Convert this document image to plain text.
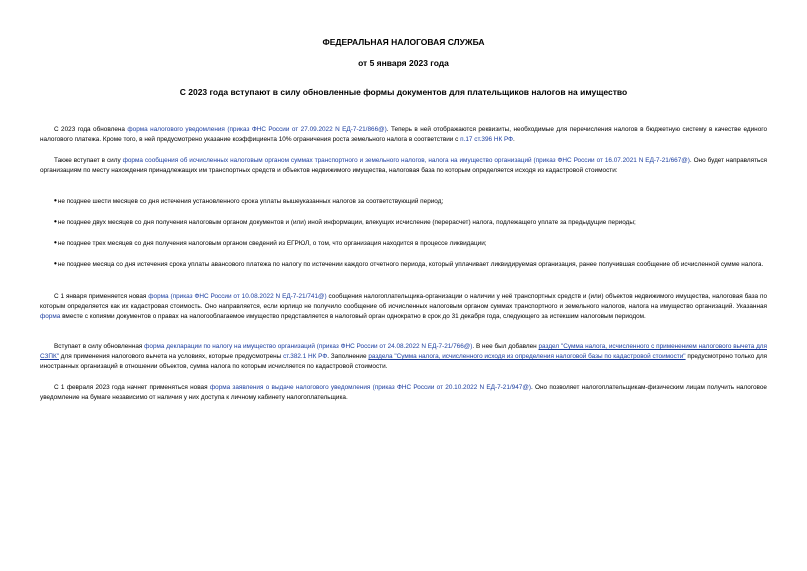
ФЕДЕРАЛЬНАЯ НАЛОГОВАЯ СЛУЖБА
от 5 января 2023 года
С 2023 года вступают в силу обновленные формы документов для плательщиков налогов на имущество
С 2023 года обновлена форма налогового уведомления (приказ ФНС России от 27.09.2022 N ЕД-7-21/866@). Теперь в ней отображаются реквизиты, необходимые для перечисления налогов в бюджетную систему в качестве единого налогового платежа. Кроме того, в ней предусмотрено указание коэффициента 10% ограничения роста земельного налога в соответствии с п.17 ст.396 НК РФ.
Также вступает в силу форма сообщения об исчисленных налоговым органом суммах транспортного и земельного налогов, налога на имущество организаций (приказ ФНС России от 16.07.2021 N ЕД-7-21/667@). Оно будет направляться организациям по месту нахождения принадлежащих им транспортных средств и объектов недвижимого имущества, налоговая база по которым определяется исходя из кадастровой стоимости:
•не позднее шести месяцев со дня истечения установленного срока уплаты вышеуказанных налогов за соответствующий период;
•не позднее двух месяцев со дня получения налоговым органом документов и (или) иной информации, влекущих исчисление (перерасчет) налога, подлежащего уплате за предыдущие периоды;
•не позднее трех месяцев со дня получения налоговым органом сведений из ЕГРЮЛ, о том, что организация находится в процессе ликвидации;
•не позднее месяца со дня истечения срока уплаты авансового платежа по налогу по истечении каждого отчетного периода, который уплачивает ликвидируемая организация, ранее получившая сообщение об исчисленной сумме налога.
С 1 января применяется новая форма (приказ ФНС России от 10.08.2022 N ЕД-7-21/741@) сообщения налогоплательщика-организации о наличии у неё транспортных средств и (или) объектов недвижимого имущества, налоговая база по которым определяется как их кадастровая стоимость. Оно направляется, если юрлицо не получило сообщение об исчисленных налоговым органом суммах транспортного и земельного налогов, налога на имущество организаций. Указанная форма вместе с копиями документов о правах на налогооблагаемое имущество представляется в налоговый орган однократно в срок до 31 декабря года, следующего за истекшим налоговым периодом.
Вступает в силу обновленная форма декларации по налогу на имущество организаций (приказ ФНС России от 24.08.2022 N ЕД-7-21/766@). В нее был добавлен раздел "Сумма налога, исчисленного с применением налогового вычета для СЗПК" для применения налогового вычета на условиях, которые предусмотрены ст.382.1 НК РФ. Заполнение раздела "Сумма налога, исчисленного исходя из определения налоговой базы по кадастровой стоимости" предусмотрено только для иностранных организаций в отношении объектов, сумма налога по которым исчисляется по кадастровой стоимости.
С 1 февраля 2023 года начнет применяться новая форма заявления о выдаче налогового уведомления (приказ ФНС России от 20.10.2022 N ЕД-7-21/947@). Оно позволяет налогоплательщикам-физическим лицам получить налоговое уведомление на бумаге независимо от наличия у них доступа к личному кабинету налогоплательщика.
